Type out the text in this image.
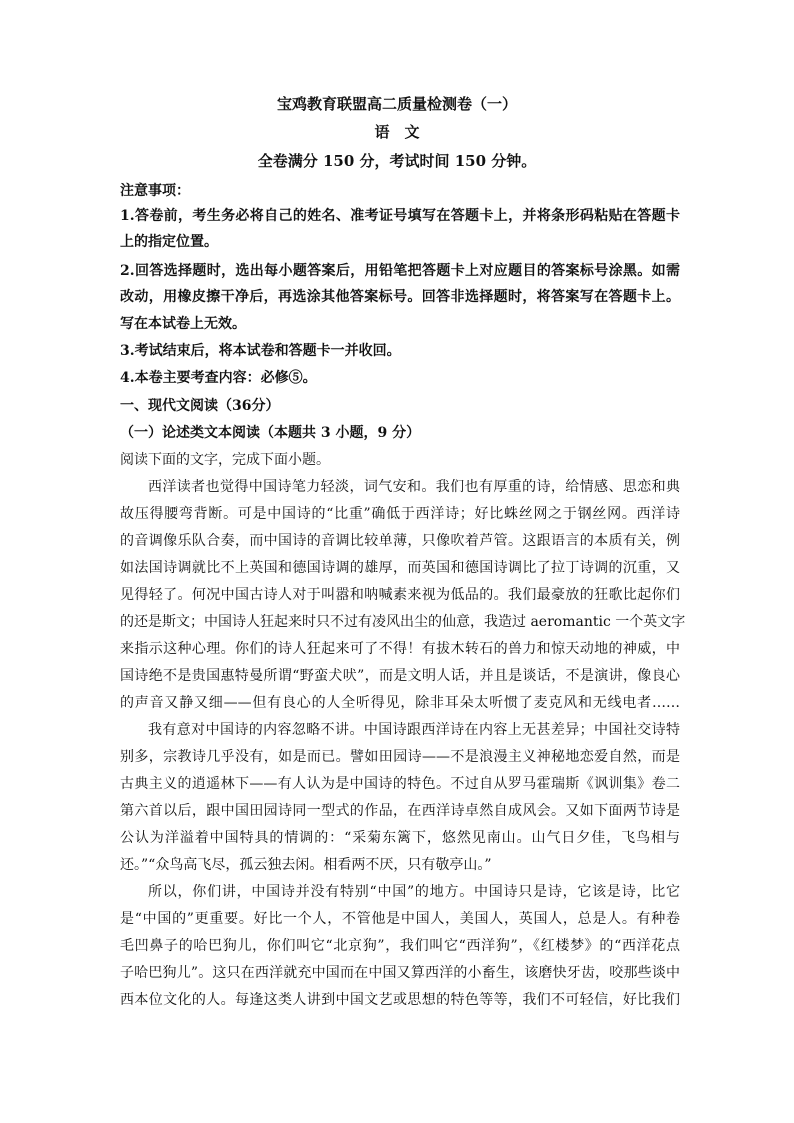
宝鸡教育联盟高二质量检测卷（一）
语　文
全卷满分 150 分，考试时间 150 分钟。
注意事项：
1.答卷前，考生务必将自己的姓名、准考证号填写在答题卡上，并将条形码粘贴在答题卡
上的指定位置。
2.回答选择题时，选出每小题答案后，用铅笔把答题卡上对应题目的答案标号涂黑。如需
改动，用橡皮擦干净后，再选涂其他答案标号。回答非选择题时，将答案写在答题卡上。
写在本试卷上无效。
3.考试结束后，将本试卷和答题卡一并收回。
4.本卷主要考查内容：必修⑤。
一、现代文阅读（36分）
（一）论述类文本阅读（本题共 3 小题，9 分）
阅读下面的文字，完成下面小题。
西洋读者也觉得中国诗笔力轻淡，词气安和。我们也有厚重的诗，给情感、思恋和典
故压得腰弯背断。可是中国诗的“比重”确低于西洋诗；好比蛛丝网之于钢丝网。西洋诗
的音调像乐队合奏，而中国诗的音调比较单薄，只像吹着芦管。这跟语言的本质有关，例
如法国诗调就比不上英国和德国诗调的雄厚，而英国和德国诗调比了拉丁诗调的沉重，又
见得轻了。何况中国古诗人对于叫嚣和呐喊素来视为低品的。我们最豪放的狂歌比起你们
的还是斯文；中国诗人狂起来时只不过有凌风出尘的仙意，我造过 aeromantic 一个英文字
来指示这种心理。你们的诗人狂起来可了不得！有拔木转石的兽力和惊天动地的神威，中
国诗绝不是贵国惠特曼所谓“野蛮犬吠”，而是文明人话，并且是谈话，不是演讲，像良心
的声音又静又细——但有良心的人全听得见，除非耳朵太听惯了麦克风和无线电者……
我有意对中国诗的内容忽略不讲。中国诗跟西洋诗在内容上无甚差异；中国社交诗特
别多，宗教诗几乎没有，如是而已。譬如田园诗——不是浪漫主义神秘地恋爱自然，而是
古典主义的逍遥林下——有人认为是中国诗的特色。不过自从罗马霍瑞斯《讽训集》卷二
第六首以后，跟中国田园诗同一型式的作品，在西洋诗卓然自成风会。又如下面两节诗是
公认为洋溢着中国特具的情调的：“采菊东篱下，悠然见南山。山气日夕佳，飞鸟相与
还。”“众鸟高飞尽，孤云独去闲。相看两不厌，只有敬亭山。”
所以，你们讲，中国诗并没有特别“中国”的地方。中国诗只是诗，它该是诗，比它
是“中国的”更重要。好比一个人，不管他是中国人，美国人，英国人，总是人。有种卷
毛凹鼻子的哈巴狗儿，你们叫它“北京狗”，我们叫它“西洋狗”，《红楼梦》的“西洋花点
子哈巴狗儿”。这只在西洋就充中国而在中国又算西洋的小畜生，该磨快牙齿，咬那些谈中
西本位文化的人。每逢这类人讲到中国文艺或思想的特色等等，我们不可轻信，好比我们
